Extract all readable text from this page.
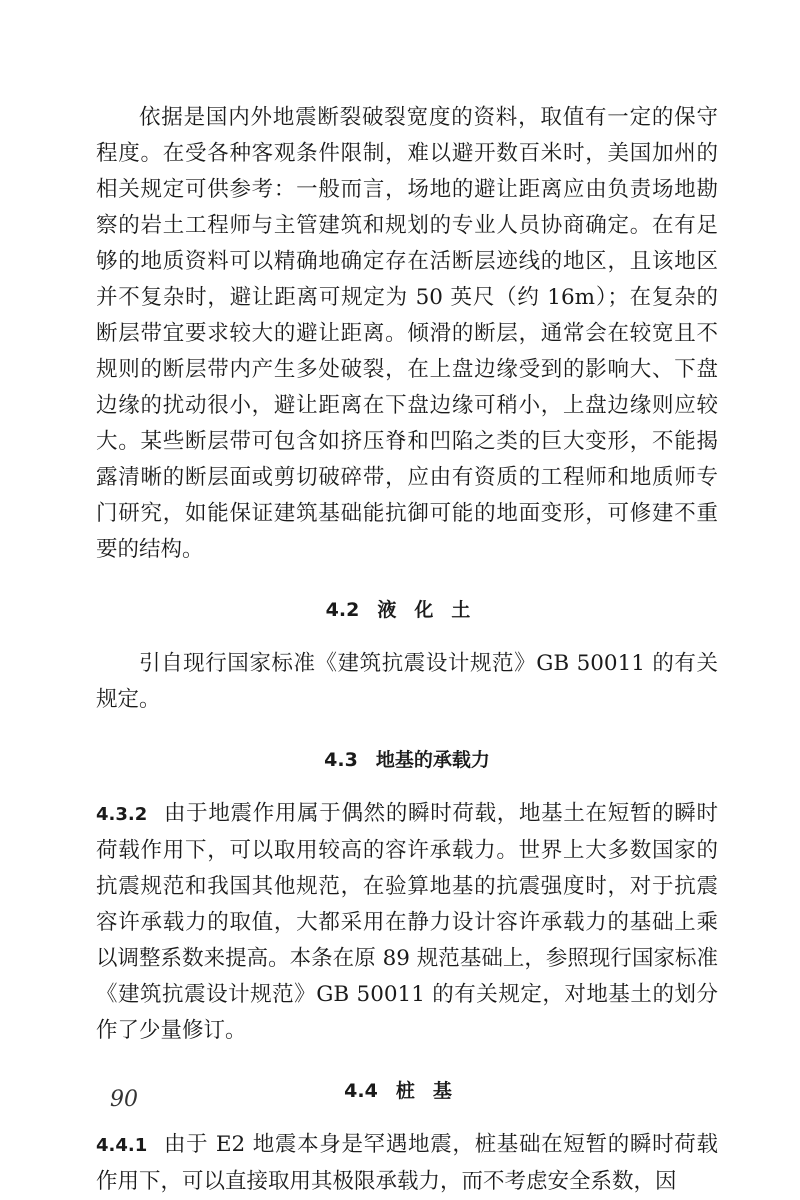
依据是国内外地震断裂破裂宽度的资料，取值有一定的保守程度。在受各种客观条件限制，难以避开数百米时，美国加州的相关规定可供参考：一般而言，场地的避让距离应由负责场地勘察的岩土工程师与主管建筑和规划的专业人员协商确定。在有足够的地质资料可以精确地确定存在活断层迹线的地区，且该地区并不复杂时，避让距离可规定为 50 英尺（约 16m）；在复杂的断层带宜要求较大的避让距离。倾滑的断层，通常会在较宽且不规则的断层带内产生多处破裂，在上盘边缘受到的影响大、下盘边缘的扰动很小，避让距离在下盘边缘可稍小，上盘边缘则应较大。某些断层带可包含如挤压脊和凹陷之类的巨大变形，不能揭露清晰的断层面或剪切破碎带，应由有资质的工程师和地质师专门研究，如能保证建筑基础能抗御可能的地面变形，可修建不重要的结构。

4.2 液化土

引自现行国家标准《建筑抗震设计规范》GB 50011 的有关规定。

4.3 地基的承载力

4.3.2 由于地震作用属于偶然的瞬时荷载，地基土在短暂的瞬时荷载作用下，可以取用较高的容许承载力。世界上大多数国家的抗震规范和我国其他规范，在验算地基的抗震强度时，对于抗震容许承载力的取值，大都采用在静力设计容许承载力的基础上乘以调整系数来提高。本条在原 89 规范基础上，参照现行国家标准《建筑抗震设计规范》GB 50011 的有关规定，对地基土的划分作了少量修订。

4.4 桩基

4.4.1 由于 E2 地震本身是罕遇地震，桩基础在短暂的瞬时荷载作用下，可以直接取用其极限承载力，而不考虑安全系数，因

90
